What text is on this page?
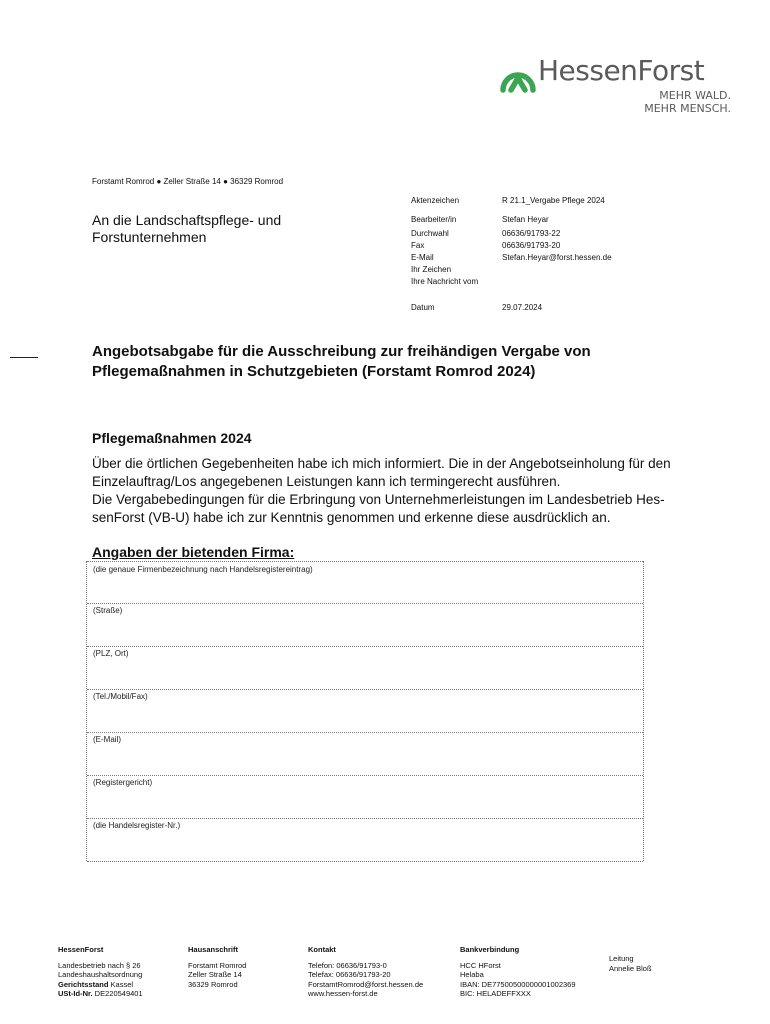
HessenForst
MEHR WALD.
MEHR MENSCH.
Forstamt Romrod ● Zeller Straße 14 ● 36329 Romrod
Aktenzeichen	R 21.1_Vergabe Pflege 2024
Bearbeiter/in	Stefan Heyar
Durchwahl	06636/91793-22
Fax	06636/91793-20
E-Mail	Stefan.Heyar@forst.hessen.de
Ihr Zeichen
Ihre Nachricht vom
Datum	29.07.2024
An die Landschaftspflege- und
Forstunternehmen
Angebotsabgabe für die Ausschreibung zur freihändigen Vergabe von
Pflegemaßnahmen in Schutzgebieten (Forstamt Romrod 2024)
Pflegemaßnahmen 2024
Über die örtlichen Gegebenheiten habe ich mich informiert. Die in der Angebotseinholung für den
Einzelauftrag/Los angegebenen Leistungen kann ich termingerecht ausführen.
Die Vergabebedingungen für die Erbringung von Unternehmerleistungen im Landesbetrieb Hes-
senForst (VB-U) habe ich zur Kenntnis genommen und erkenne diese ausdrücklich an.
Angaben der bietenden Firma:
(die genaue Firmenbezeichnung nach Handelsregistereintrag)
(Straße)
(PLZ, Ort)
(Tel./Mobil/Fax)
(E-Mail)
(Registergericht)
(die Handelsregister-Nr.)
HessenForst
Landesbetrieb nach § 26
Landeshaushaltsordnung
Gerichtsstand Kassel
USt-Id-Nr. DE220549401
Hausanschrift
Forstamt Romrod
Zeller Straße 14
36329 Romrod
Kontakt
Telefon: 06636/91793-0
Telefax: 06636/91793-20
ForstamtRomrod@forst.hessen.de
www.hessen-forst.de
Bankverbindung
HCC HForst
Helaba
IBAN: DE77500500000001002369
BIC: HELADEFFXXX
Leitung
Annelie Bloß
